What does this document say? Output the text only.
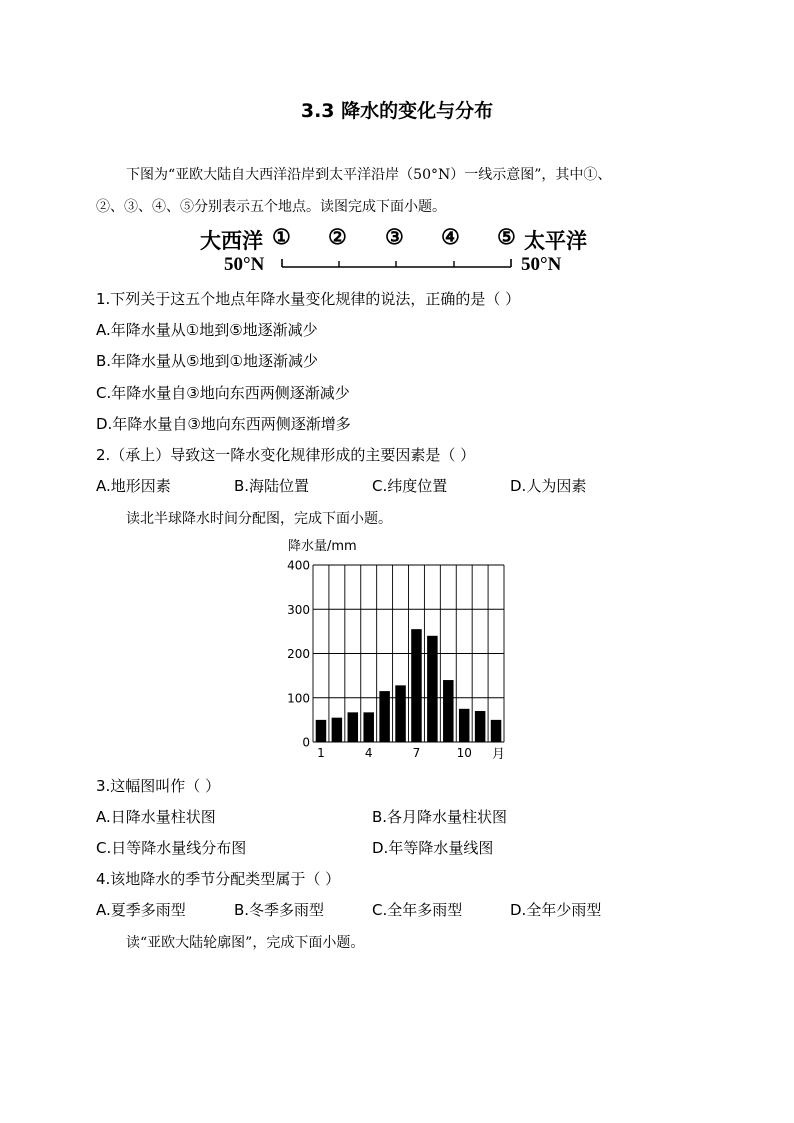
3.3 降水的变化与分布
下图为“亚欧大陆自大西洋沿岸到太平洋沿岸（50°N）一线示意图”，其中①、
②、③、④、⑤分别表示五个地点。读图完成下面小题。
大西洋 ① ② ③ ④ ⑤ 太平洋
50°N	50°N
1.下列关于这五个地点年降水量变化规律的说法，正确的是（ ）
A.年降水量从①地到⑤地逐渐减少
B.年降水量从⑤地到①地逐渐减少
C.年降水量自③地向东西两侧逐渐减少
D.年降水量自③地向东西两侧逐渐增多
2.（承上）导致这一降水变化规律形成的主要因素是（ ）
A.地形因素	B.海陆位置	C.纬度位置	D.人为因素
读北半球降水时间分配图，完成下面小题。
降水量/mm
月
0
100
200
300
400
1	4	7	10
3.这幅图叫作（ ）
A.日降水量柱状图	B.各月降水量柱状图
C.日等降水量线分布图	D.年等降水量线图
4.该地降水的季节分配类型属于（ ）
A.夏季多雨型	B.冬季多雨型	C.全年多雨型	D.全年少雨型
读“亚欧大陆轮廓图”，完成下面小题。
